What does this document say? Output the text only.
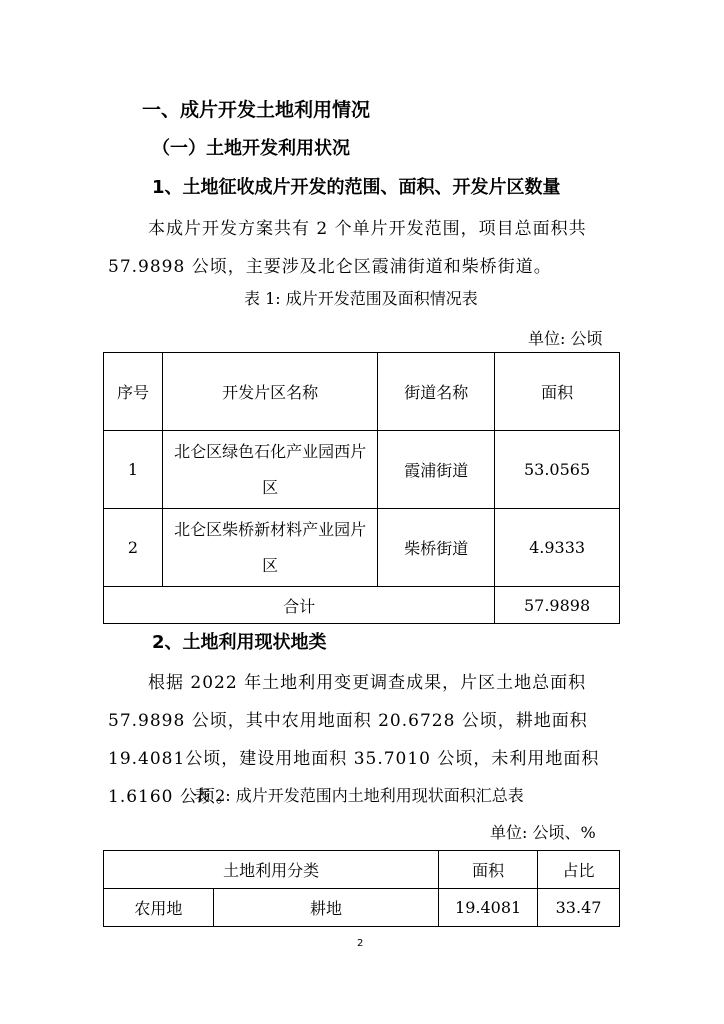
一、成片开发土地利用情况
（一）土地开发利用状况
1、土地征收成片开发的范围、面积、开发片区数量
本成片开发方案共有 2 个单片开发范围，项目总面积共57.9898 公顷，主要涉及北仑区霞浦街道和柴桥街道。
表 1: 成片开发范围及面积情况表
单位: 公顷
序号	开发片区名称	街道名称	面积
1	北仑区绿色石化产业园西片区	霞浦街道	53.0565
2	北仑区柴桥新材料产业园片区	柴桥街道	4.9333
合计			57.9898
2、土地利用现状地类
根据 2022 年土地利用变更调查成果，片区土地总面积57.9898 公顷，其中农用地面积 20.6728 公顷，耕地面积 19.4081公顷，建设用地面积 35.7010 公顷，未利用地面积 1.6160 公顷。
表 2: 成片开发范围内土地利用现状面积汇总表
单位: 公顷、%
土地利用分类		面积	占比
农用地	耕地	19.4081	33.47
2
